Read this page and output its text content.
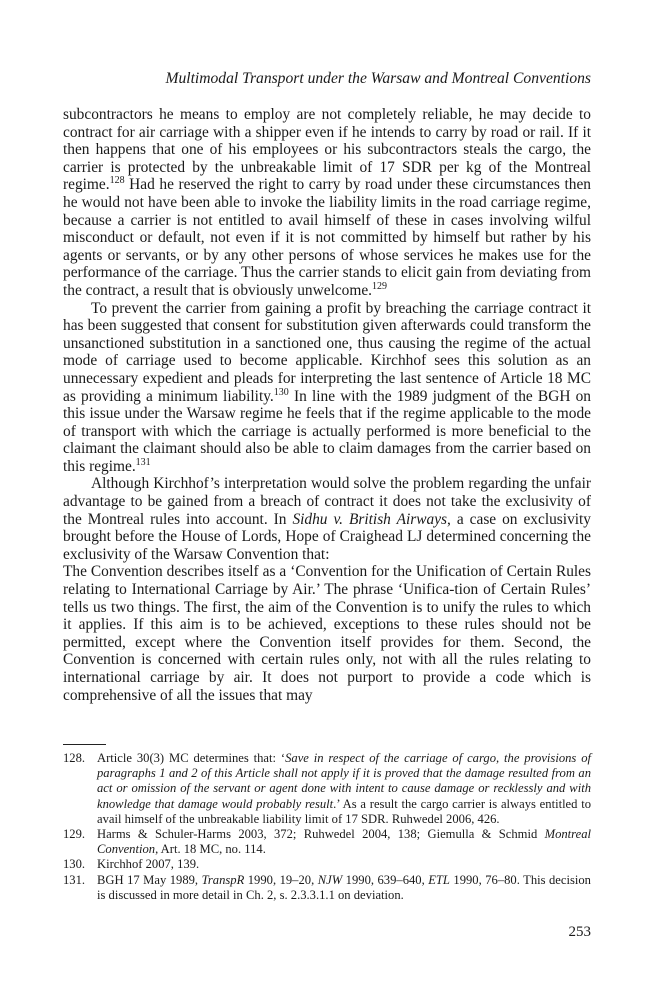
Multimodal Transport under the Warsaw and Montreal Conventions

subcontractors he means to employ are not completely reliable, he may decide to contract for air carriage with a shipper even if he intends to carry by road or rail. If it then happens that one of his employees or his subcontractors steals the cargo, the carrier is protected by the unbreakable limit of 17 SDR per kg of the Montreal regime.$^{128}$ Had he reserved the right to carry by road under these circumstances then he would not have been able to invoke the liability limits in the road carriage regime, because a carrier is not entitled to avail himself of these in cases involving wilful misconduct or default, not even if it is not committed by himself but rather by his agents or servants, or by any other persons of whose services he makes use for the performance of the carriage. Thus the carrier stands to elicit gain from deviating from the contract, a result that is obviously unwelcome.$^{129}$

To prevent the carrier from gaining a profit by breaching the carriage contract it has been suggested that consent for substitution given afterwards could transform the unsanctioned substitution in a sanctioned one, thus causing the regime of the actual mode of carriage used to become applicable. Kirchhof sees this solution as an unnecessary expedient and pleads for interpreting the last sentence of Article 18 MC as providing a minimum liability.$^{130}$ In line with the 1989 judgment of the BGH on this issue under the Warsaw regime he feels that if the regime applicable to the mode of transport with which the carriage is actually performed is more beneficial to the claimant the claimant should also be able to claim damages from the carrier based on this regime.$^{131}$

Although Kirchhof’s interpretation would solve the problem regarding the unfair advantage to be gained from a breach of contract it does not take the exclusivity of the Montreal rules into account. In Sidhu v. British Airways, a case on exclusivity brought before the House of Lords, Hope of Craighead LJ determined concerning the exclusivity of the Warsaw Convention that:

The Convention describes itself as a ‘Convention for the Unification of Certain Rules relating to International Carriage by Air.’ The phrase ‘Unifica-tion of Certain Rules’ tells us two things. The first, the aim of the Convention is to unify the rules to which it applies. If this aim is to be achieved, exceptions to these rules should not be permitted, except where the Convention itself provides for them. Second, the Convention is concerned with certain rules only, not with all the rules relating to international carriage by air. It does not purport to provide a code which is comprehensive of all the issues that may

128. Article 30(3) MC determines that: ‘Save in respect of the carriage of cargo, the provisions of paragraphs 1 and 2 of this Article shall not apply if it is proved that the damage resulted from an act or omission of the servant or agent done with intent to cause damage or recklessly and with knowledge that damage would probably result.’ As a result the cargo carrier is always entitled to avail himself of the unbreakable liability limit of 17 SDR. Ruhwedel 2006, 426.
129. Harms & Schuler-Harms 2003, 372; Ruhwedel 2004, 138; Giemulla & Schmid Montreal Convention, Art. 18 MC, no. 114.
130. Kirchhof 2007, 139.
131. BGH 17 May 1989, TranspR 1990, 19–20, NJW 1990, 639–640, ETL 1990, 76–80. This decision is discussed in more detail in Ch. 2, s. 2.3.3.1.1 on deviation.
253
